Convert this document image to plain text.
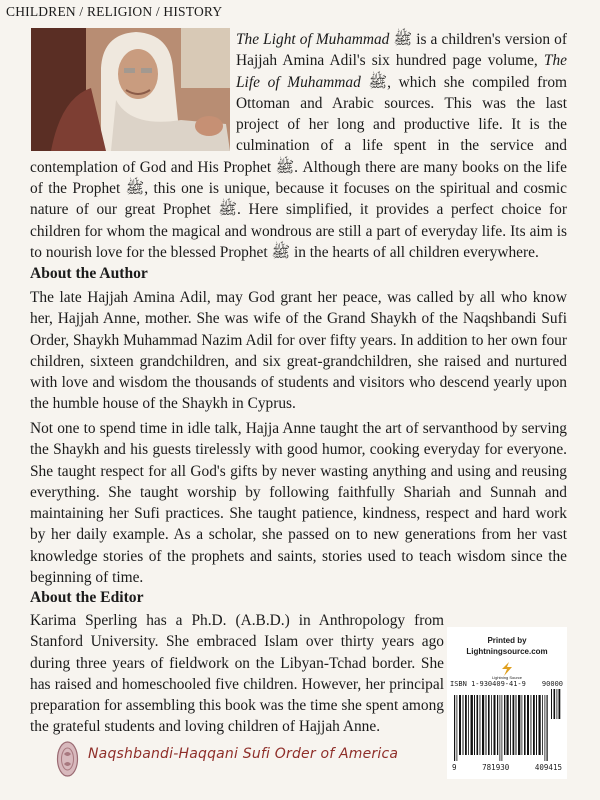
CHILDREN / RELIGION / HISTORY
The Light of Muhammad ﷺ is a children's version of Hajjah Amina Adil's six hundred page volume, The Life of Muhammad ﷺ, which she compiled from Ottoman and Arabic sources. This was the last project of her long and productive life. It is the culmination of a life spent in the service and contemplation of God and His Prophet ﷺ. Although there are many books on the life of the Prophet ﷺ, this one is unique, because it focuses on the spiritual and cosmic nature of our great Prophet ﷺ. Here simplified, it provides a perfect choice for children for whom the magical and wondrous are still a part of everyday life. Its aim is to nourish love for the blessed Prophet ﷺ in the hearts of all children everywhere.
About the Author

The late Hajjah Amina Adil, may God grant her peace, was called by all who know her, Hajjah Anne, mother. She was wife of the Grand Shaykh of the Naqshbandi Sufi Order, Shaykh Muhammad Nazim Adil for over fifty years. In addition to her own four children, sixteen grandchildren, and six great-grandchildren, she raised and nurtured with love and wisdom the thousands of students and visitors who descend yearly upon the humble house of the Shaykh in Cyprus.

Not one to spend time in idle talk, Hajja Anne taught the art of servanthood by serving the Shaykh and his guests tirelessly with good humor, cooking everyday for everyone. She taught respect for all God's gifts by never wasting anything and using and reusing everything. She taught worship by following faithfully Shariah and Sunnah and maintaining her Sufi practices. She taught patience, kindness, respect and hard work by her daily example. As a scholar, she passed on to new generations from her vast knowledge stories of the prophets and saints, stories used to teach wisdom since the beginning of time.

About the Editor

Karima Sperling has a Ph.D. (A.B.D.) in Anthropology from Stanford University. She embraced Islam over thirty years ago during three years of fieldwork on the Libyan-Tchad border. She has raised and homeschooled five children. However, her principal preparation for assembling this book was the time she spent among the grateful students and loving children of Hajjah Anne.

Printed by
Lightningsource.com
Lightning Source
ISBN 1-930409-41-9 90000
9	781930	409415
Naqshbandi-Haqqani Sufi Order of America
